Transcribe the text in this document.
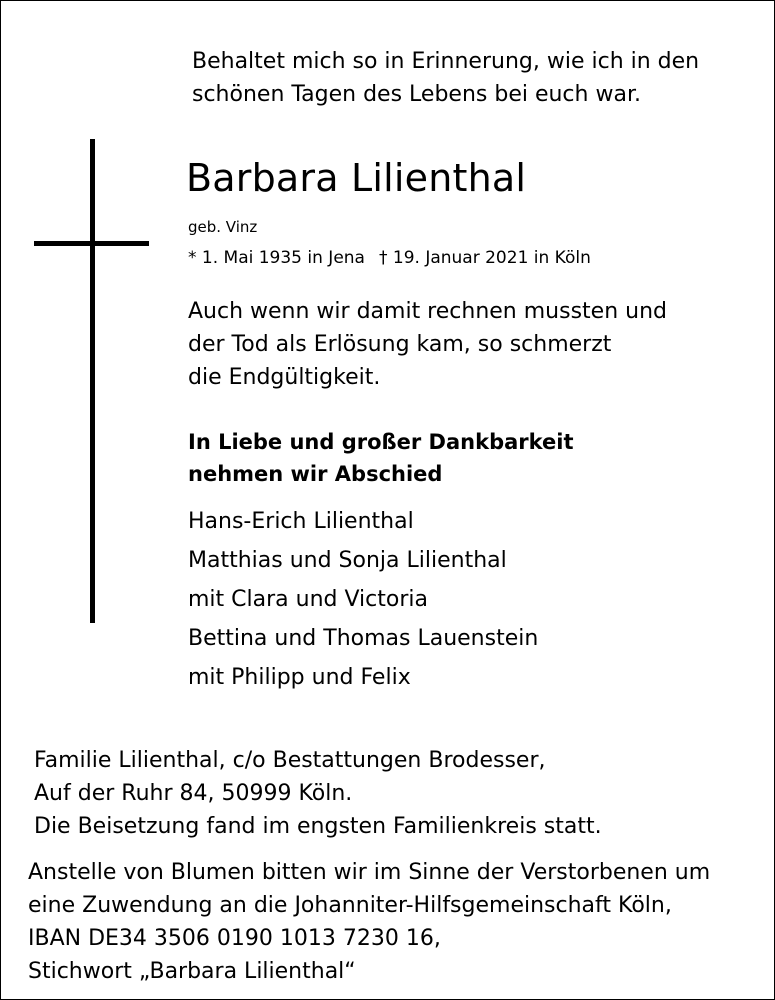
Behaltet mich so in Erinnerung, wie ich in den
schönen Tagen des Lebens bei euch war.
Barbara Lilienthal
geb. Vinz
* 1. Mai 1935 in Jena † 19. Januar 2021 in Köln
Auch wenn wir damit rechnen mussten und
der Tod als Erlösung kam, so schmerzt
die Endgültigkeit.
In Liebe und großer Dankbarkeit
nehmen wir Abschied
Hans-Erich Lilienthal
Matthias und Sonja Lilienthal
mit Clara und Victoria
Bettina und Thomas Lauenstein
mit Philipp und Felix
Familie Lilienthal, c/o Bestattungen Brodesser,
Auf der Ruhr 84, 50999 Köln.
Die Beisetzung fand im engsten Familienkreis statt.
Anstelle von Blumen bitten wir im Sinne der Verstorbenen um
eine Zuwendung an die Johanniter-Hilfsgemeinschaft Köln,
IBAN DE34 3506 0190 1013 7230 16,
Stichwort „Barbara Lilienthal“
